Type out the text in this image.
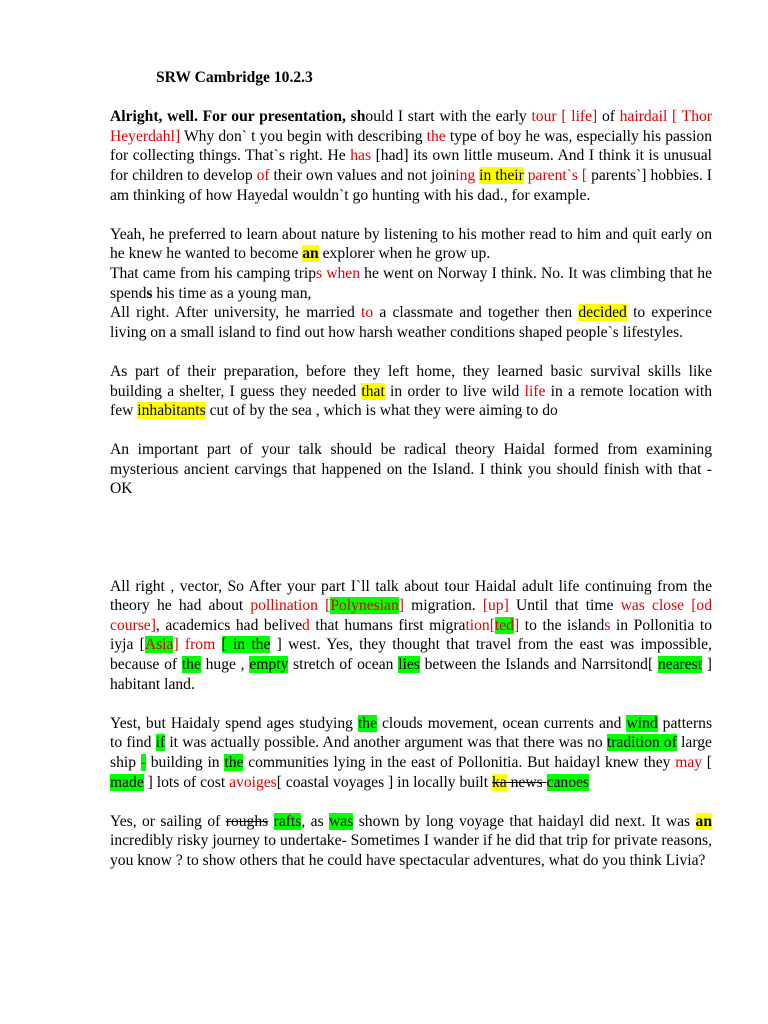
SRW Cambridge 10.2.3
Alright, well. For our presentation, should I start with the early tour [ life] of hairdail [ Thor Heyerdahl] Why don` t you begin with describing the type of boy he was, especially his passion for collecting things. That`s right. He has [had] its own little museum. And I think it is unusual for children to develop of their own values and not joining in their parent`s [ parents`] hobbies. I am thinking of how Hayedal wouldn`t go hunting with his dad., for example.
Yeah, he preferred to learn about nature by listening to his mother read to him and quit early on he knew he wanted to become an explorer when he grow up.
That came from his camping trips when he went on Norway I think. No. It was climbing that he spends his time as a young man,
All right. After university, he married to a classmate and together then decided to experince living on a small island to find out how harsh weather conditions shaped people`s lifestyles.
As part of their preparation, before they left home, they learned basic survival skills like building a shelter, I guess they needed that in order to live wild life in a remote location with few inhabitants cut of by the sea , which is what they were aiming to do
An important part of your talk should be radical theory Haidal formed from examining mysterious ancient carvings that happened on the Island. I think you should finish with that - OK
All right , vector, So After your part I`ll talk about tour Haidal adult life continuing from the theory he had about pollination [Polynesian] migration. [up] Until that time was close [od course], academics had belived that humans first migration[ted] to the islands in Pollonitia to iyja [Asia] from [ in the ] west. Yes, they thought that travel from the east was impossible, because of the huge , empty stretch of ocean lies between the Islands and Narrsitond[ nearest ] habitant land.
Yest, but Haidaly spend ages studying the clouds movement, ocean currents and wind patterns to find if it was actually possible. And another argument was that there was no tradition of large ship - building in the communities lying in the east of Pollonitia. But haidayl knew they may [ made ] lots of cost avoiges[ coastal voyages ] in locally built ka news canoes
Yes, or sailing of roughs rafts, as was shown by long voyage that haidayl did next. It was an incredibly risky journey to undertake- Sometimes I wander if he did that trip for private reasons, you know ? to show others that he could have spectacular adventures, what do you think Livia?
